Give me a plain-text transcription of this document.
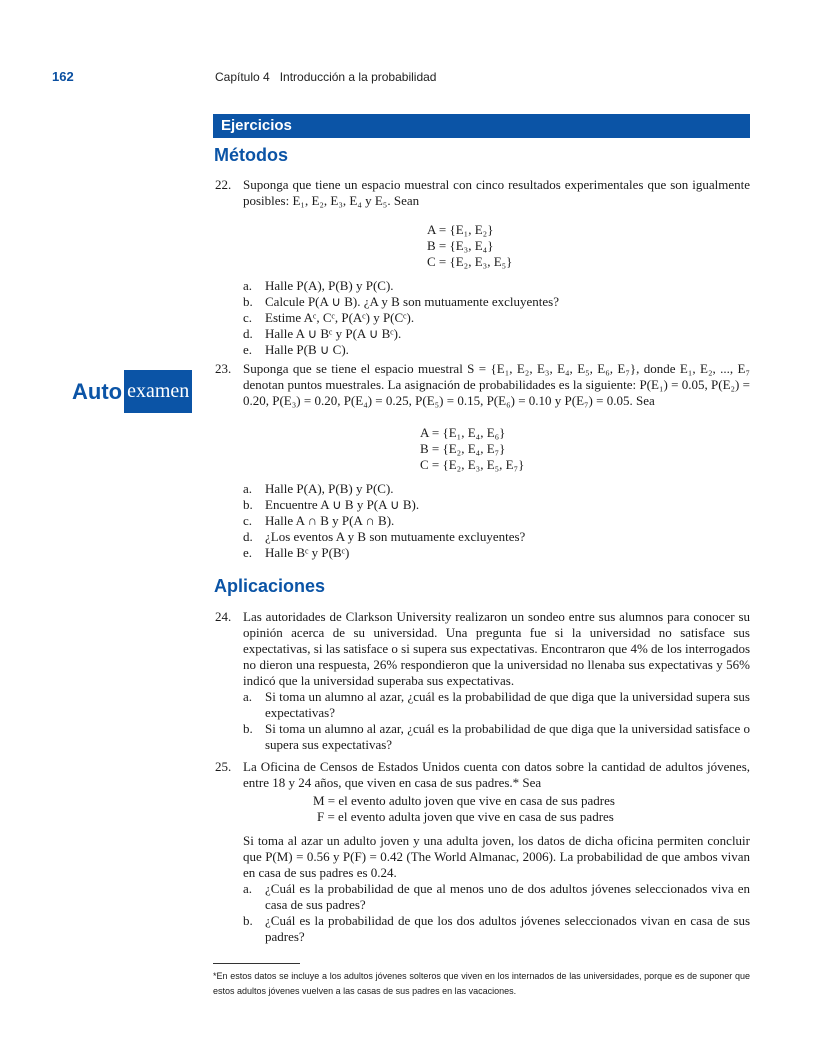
162	Capítulo 4 Introducción a la probabilidad
Ejercicios
Métodos
22. Suponga que tiene un espacio muestral con cinco resultados experimentales que son igualmente posibles: E₁, E₂, E₃, E₄ y E₅. Sean
A = {E₁, E₂}
B = {E₃, E₄}
C = {E₂, E₃, E₅}
a. Halle P(A), P(B) y P(C).
b. Calcule P(A ∪ B). ¿A y B son mutuamente excluyentes?
c. Estime Aᶜ, Cᶜ, P(Aᶜ) y P(Cᶜ).
d. Halle A ∪ Bᶜ y P(A ∪ Bᶜ).
e. Halle P(B ∪ C).
Auto examen
23. Suponga que se tiene el espacio muestral S = {E₁, E₂, E₃, E₄, E₅, E₆, E₇}, donde E₁, E₂, ..., E₇ denotan puntos muestrales. La asignación de probabilidades es la siguiente: P(E₁) = 0.05, P(E₂) = 0.20, P(E₃) = 0.20, P(E₄) = 0.25, P(E₅) = 0.15, P(E₆) = 0.10 y P(E₇) = 0.05. Sea
A = {E₁, E₄, E₆}
B = {E₂, E₄, E₇}
C = {E₂, E₃, E₅, E₇}
a. Halle P(A), P(B) y P(C).
b. Encuentre A ∪ B y P(A ∪ B).
c. Halle A ∩ B y P(A ∩ B).
d. ¿Los eventos A y B son mutuamente excluyentes?
e. Halle Bᶜ y P(Bᶜ)
Aplicaciones
24. Las autoridades de Clarkson University realizaron un sondeo entre sus alumnos para conocer su opinión acerca de su universidad. Una pregunta fue si la universidad no satisface sus expectativas, si las satisface o si supera sus expectativas. Encontraron que 4% de los interrogados no dieron una respuesta, 26% respondieron que la universidad no llenaba sus expectativas y 56% indicó que la universidad superaba sus expectativas.
a. Si toma un alumno al azar, ¿cuál es la probabilidad de que diga que la universidad supera sus expectativas?
b. Si toma un alumno al azar, ¿cuál es la probabilidad de que diga que la universidad satisface o supera sus expectativas?
25. La Oficina de Censos de Estados Unidos cuenta con datos sobre la cantidad de adultos jóvenes, entre 18 y 24 años, que viven en casa de sus padres.* Sea
M = el evento adulto joven que vive en casa de sus padres
F = el evento adulta joven que vive en casa de sus padres
Si toma al azar un adulto joven y una adulta joven, los datos de dicha oficina permiten concluir que P(M) = 0.56 y P(F) = 0.42 (The World Almanac, 2006). La probabilidad de que ambos vivan en casa de sus padres es 0.24.
a. ¿Cuál es la probabilidad de que al menos uno de dos adultos jóvenes seleccionados viva en casa de sus padres?
b. ¿Cuál es la probabilidad de que los dos adultos jóvenes seleccionados vivan en casa de sus padres?
*En estos datos se incluye a los adultos jóvenes solteros que viven en los internados de las universidades, porque es de suponer que estos adultos jóvenes vuelven a las casas de sus padres en las vacaciones.
